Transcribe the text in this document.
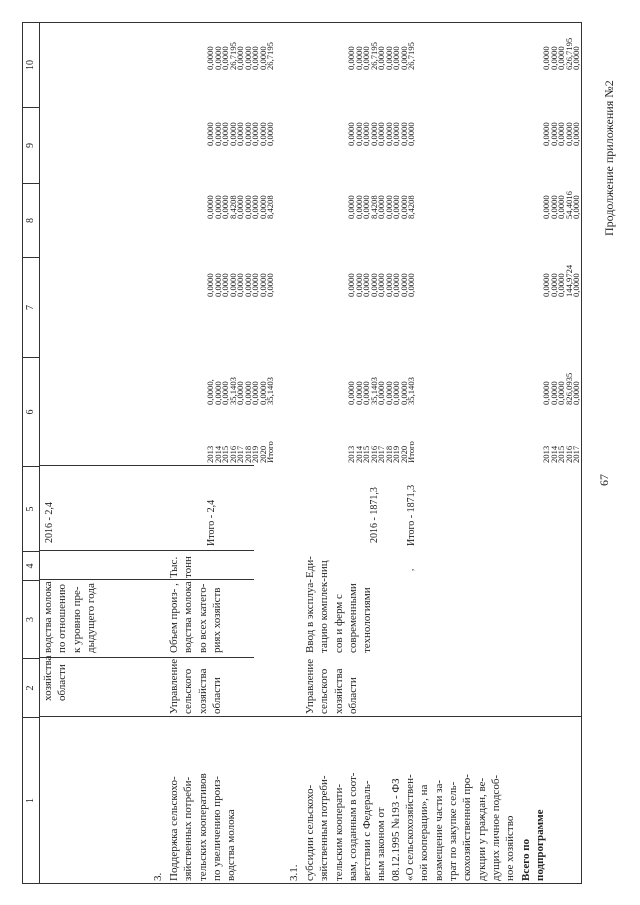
1
2
3
4
5
6
7
8
9
10
хозяйства
области
водства молока
по отношению
к уровню пре-
дыдущего года
2016 - 2,4	Итого - 2,4
3. Поддержка сельскохо-
зяйственных потреби-
тельских кооперативов
по увеличению произ-
водства молока
Управление
сельского
хозяйства
области
Объем произ- ,
водства молока
во всех катего-
риях хозяйств
Тыс.
тонн
2013
2014
2015
2016
2017
2018
2019
2020
Итого
0,0000,
0,0000
0,0000
35,1403
0,0000
0,0000
0,0000
0,0000
35,1403
0,0000
0,0000
0,0000
0,0000
0,0000
0,0000
0,0000
0,0000
0,0000
0,0000
0,0000
0,0000
8,4208
0,0000
0,0000
0,0000
0,0000
8,4208
0,0000
0,0000
0,0000
0,0000
0,0000
0,0000
0,0000
0,0000
0,0000
0,0000
0,0000
0,0000
26,7195
0,0000
0,0000
0,0000
0,0000
26,7195
3.1. субсидии сельскохо-
зяйственным потреби-
тельским кооперати-
вам, созданным в соот-
ветствии с Федераль-
ным законом от
08.12.1995 №193 - ФЗ
«О сельскохозяйствен-
ной кооперации», на
возмещение части за-
трат по закупке сель-
скохозяйственной про-
дукции у граждан, ве-
дущих личное подсоб-
ное хозяйство
Управление
сельского
хозяйства
области
Ввод в эксплуа-
тацию комплек-
сов и ферм с
современными
технологиями
Еди-
ниц
2016 - 1871,3
,
Итого - 1871,3
2013
2014
2015
2016
2017
2018
2019
2020
Итого
0,0000
0,0000
0,0000
35,1403
0,0000
0,0000
0,0000
0,0000
35,1403
0,0000
0,0000
0,0000
0,0000
0,0000
0,0000
0,0000
0,0000
0,0000
0,0000
0,0000
0,0000
8,4208
0,0000
0,0000
0,0000
0,0000
8,4208
0,0000
0,0000
0,0000
0,0000
0,0000
0,0000
0,0000
0,0000
0,0000
0,0000
0,0000
0,0000
26,7195
0,0000
0,0000
0,0000
0,0000
26,7195
Всего по
подпрограмме
2013
2014
2015
2016
2017
0,0000
0,0000
0,0000
826,0935
0,0000
0,0000
0,0000
0,0000
144,9724
0,0000
0,0000
0,0000
0,0000
54,4016
0,0000
0,0000
0,0000
0,0000
0,0000
0,0000
0,0000
0,0000
0,0000
626,7195
0,0000
67
Продолжение приложения №2
